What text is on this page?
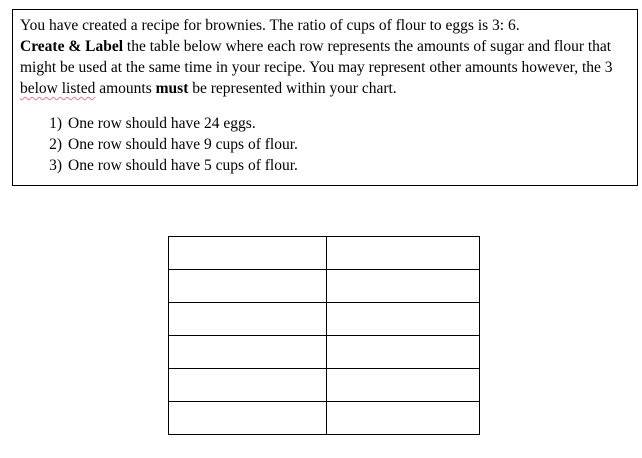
You have created a recipe for brownies. The ratio of cups of flour to eggs is 3: 6.
Create & Label the table below where each row represents the amounts of sugar and flour that might be used at the same time in your recipe. You may represent other amounts however, the 3 below listed amounts must be represented within your chart.

1) One row should have 24 eggs.
2) One row should have 9 cups of flour.
3) One row should have 5 cups of flour.
